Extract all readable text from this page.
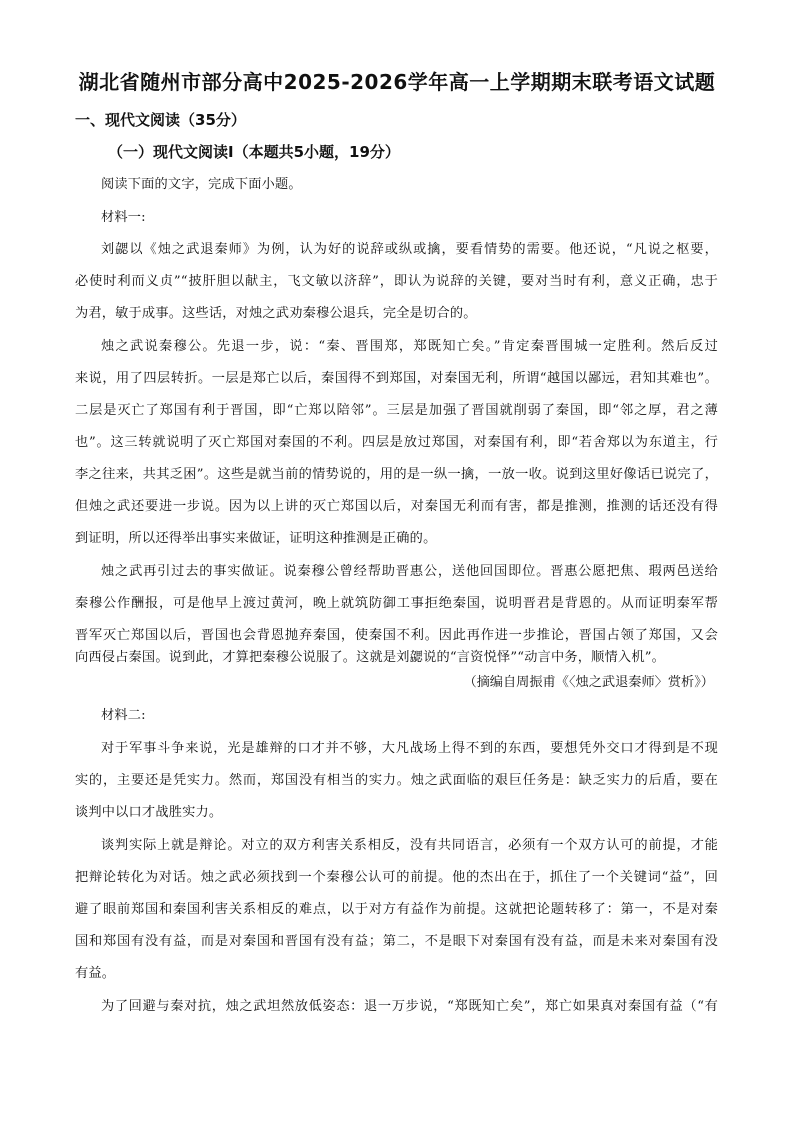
湖北省随州市部分高中2025-2026学年高一上学期期末联考语文试题
一、现代文阅读（35分）
（一）现代文阅读Ⅰ（本题共5小题，19分）
阅读下面的文字，完成下面小题。
材料一:
刘勰以《烛之武退秦师》为例，认为好的说辞或纵或擒，要看情势的需要。他还说，“凡说之枢要，
必使时利而义贞”“披肝胆以献主，飞文敏以济辞”，即认为说辞的关键，要对当时有利，意义正确，忠于
为君，敏于成事。这些话，对烛之武劝秦穆公退兵，完全是切合的。
烛之武说秦穆公。先退一步，说：“秦、晋围郑，郑既知亡矣。”肯定秦晋围城一定胜利。然后反过
来说，用了四层转折。一层是郑亡以后，秦国得不到郑国，对秦国无利，所谓“越国以鄙远，君知其难也”。
二层是灭亡了郑国有利于晋国，即“亡郑以陪邻”。三层是加强了晋国就削弱了秦国，即“邻之厚，君之薄
也”。这三转就说明了灭亡郑国对秦国的不利。四层是放过郑国，对秦国有利，即“若舍郑以为东道主，行
李之往来，共其乏困”。这些是就当前的情势说的，用的是一纵一擒，一放一收。说到这里好像话已说完了，
但烛之武还要进一步说。因为以上讲的灭亡郑国以后，对秦国无利而有害，都是推测，推测的话还没有得
到证明，所以还得举出事实来做证，证明这种推测是正确的。
烛之武再引过去的事实做证。说秦穆公曾经帮助晋惠公，送他回国即位。晋惠公愿把焦、瑕两邑送给
秦穆公作酬报，可是他早上渡过黄河，晚上就筑防御工事拒绝秦国，说明晋君是背恩的。从而证明秦军帮
晋军灭亡郑国以后，晋国也会背恩抛弃秦国，使秦国不利。因此再作进一步推论，晋国占领了郑国，又会
向西侵占秦国。说到此，才算把秦穆公说服了。这就是刘勰说的“言资悦怿”“动言中务，顺情入机”。
（摘编自周振甫《〈烛之武退秦师〉赏析》）
材料二:
对于军事斗争来说，光是雄辩的口才并不够，大凡战场上得不到的东西，要想凭外交口才得到是不现
实的，主要还是凭实力。然而，郑国没有相当的实力。烛之武面临的艰巨任务是：缺乏实力的后盾，要在
谈判中以口才战胜实力。
谈判实际上就是辩论。对立的双方利害关系相反，没有共同语言，必须有一个双方认可的前提，才能
把辩论转化为对话。烛之武必须找到一个秦穆公认可的前提。他的杰出在于，抓住了一个关键词“益”，回
避了眼前郑国和秦国利害关系相反的难点，以于对方有益作为前提。这就把论题转移了：第一，不是对秦
国和郑国有没有益，而是对秦国和晋国有没有益；第二，不是眼下对秦国有没有益，而是未来对秦国有没
有益。
为了回避与秦对抗，烛之武坦然放低姿态：退一万步说，“郑既知亡矣”，郑亡如果真对秦国有益（“有
